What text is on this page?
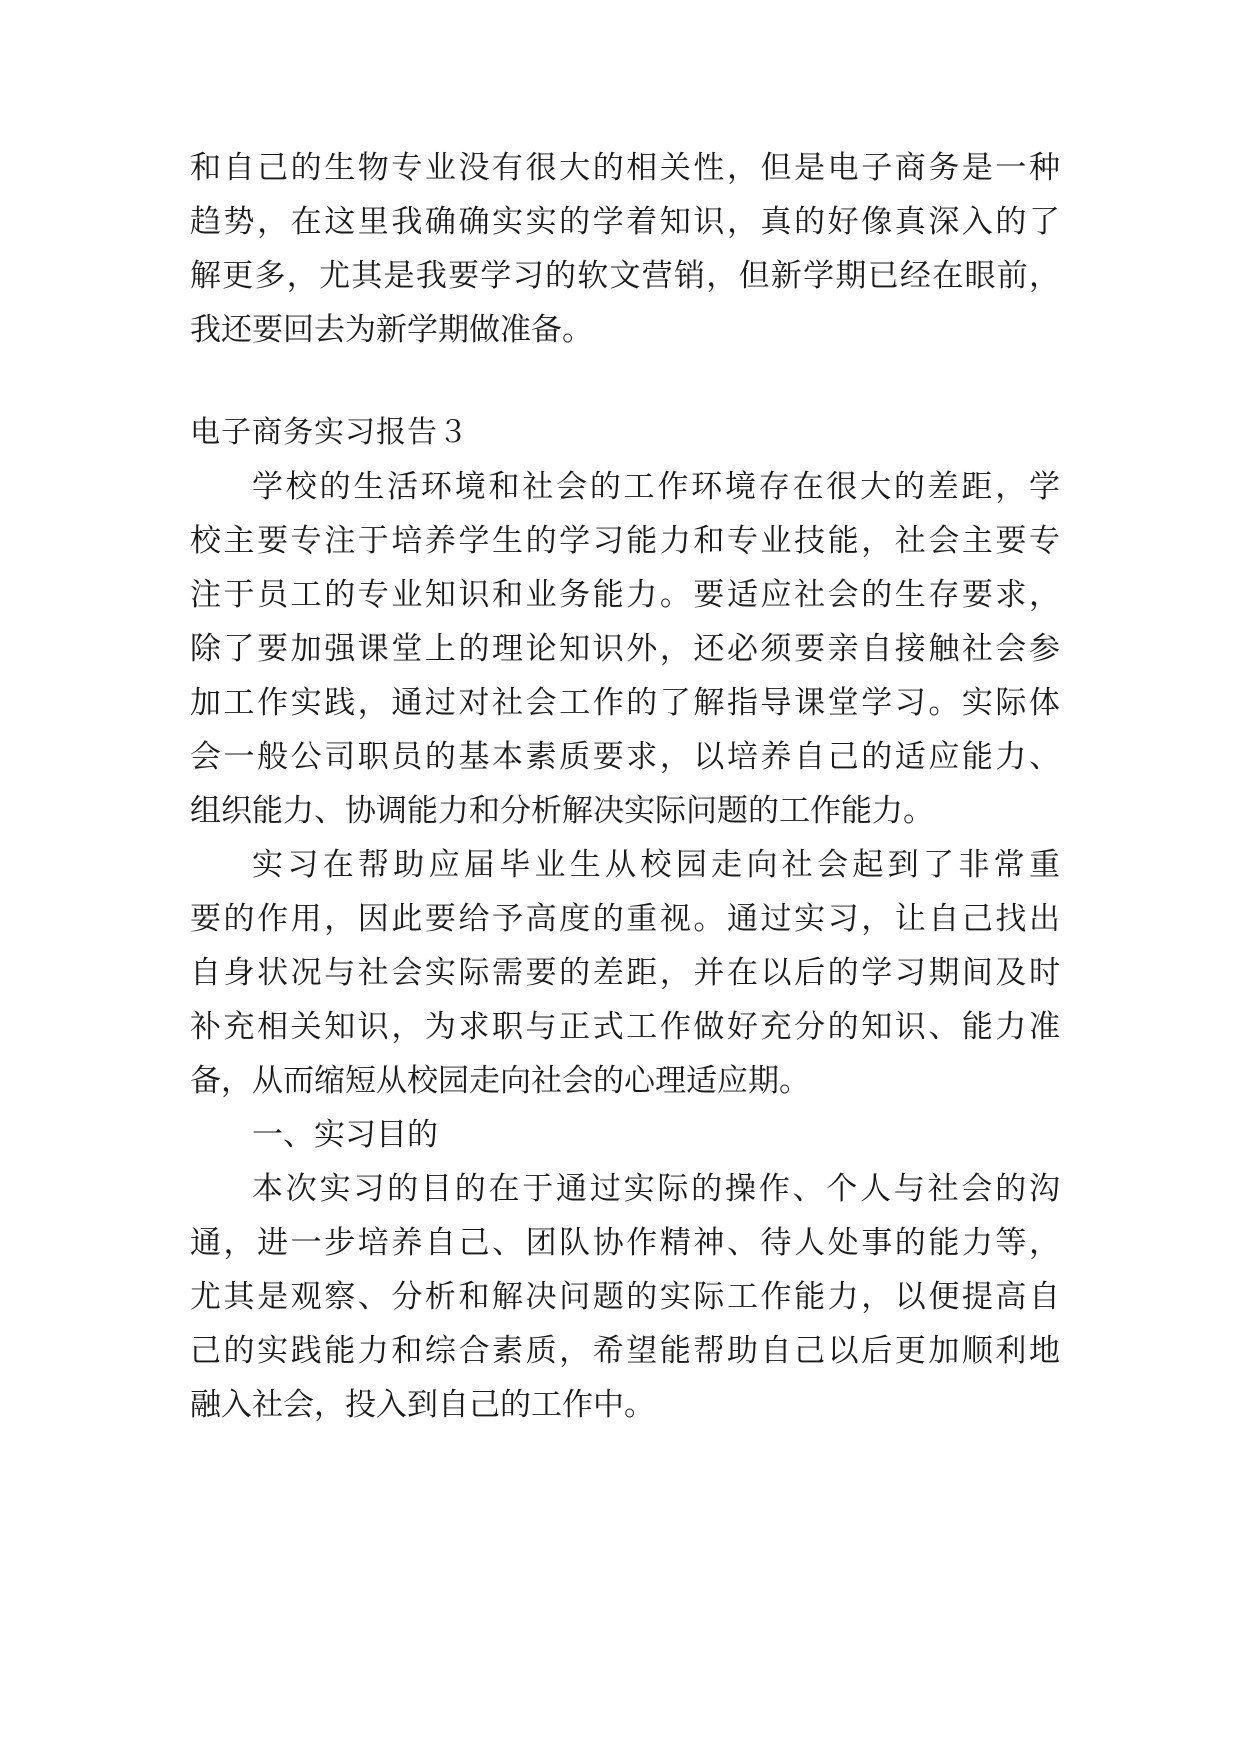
和自己的生物专业没有很大的相关性，但是电子商务是一种
趋势，在这里我确确实实的学着知识，真的好像真深入的了
解更多，尤其是我要学习的软文营销，但新学期已经在眼前，
我还要回去为新学期做准备。
电子商务实习报告３
学校的生活环境和社会的工作环境存在很大的差距，学
校主要专注于培养学生的学习能力和专业技能，社会主要专
注于员工的专业知识和业务能力。要适应社会的生存要求，
除了要加强课堂上的理论知识外，还必须要亲自接触社会参
加工作实践，通过对社会工作的了解指导课堂学习。实际体
会一般公司职员的基本素质要求，以培养自己的适应能力、
组织能力、协调能力和分析解决实际问题的工作能力。
实习在帮助应届毕业生从校园走向社会起到了非常重
要的作用，因此要给予高度的重视。通过实习，让自己找出
自身状况与社会实际需要的差距，并在以后的学习期间及时
补充相关知识，为求职与正式工作做好充分的知识、能力准
备，从而缩短从校园走向社会的心理适应期。
一、实习目的
本次实习的目的在于通过实际的操作、个人与社会的沟
通，进一步培养自己、团队协作精神、待人处事的能力等，
尤其是观察、分析和解决问题的实际工作能力，以便提高自
己的实践能力和综合素质，希望能帮助自己以后更加顺利地
融入社会，投入到自己的工作中。
